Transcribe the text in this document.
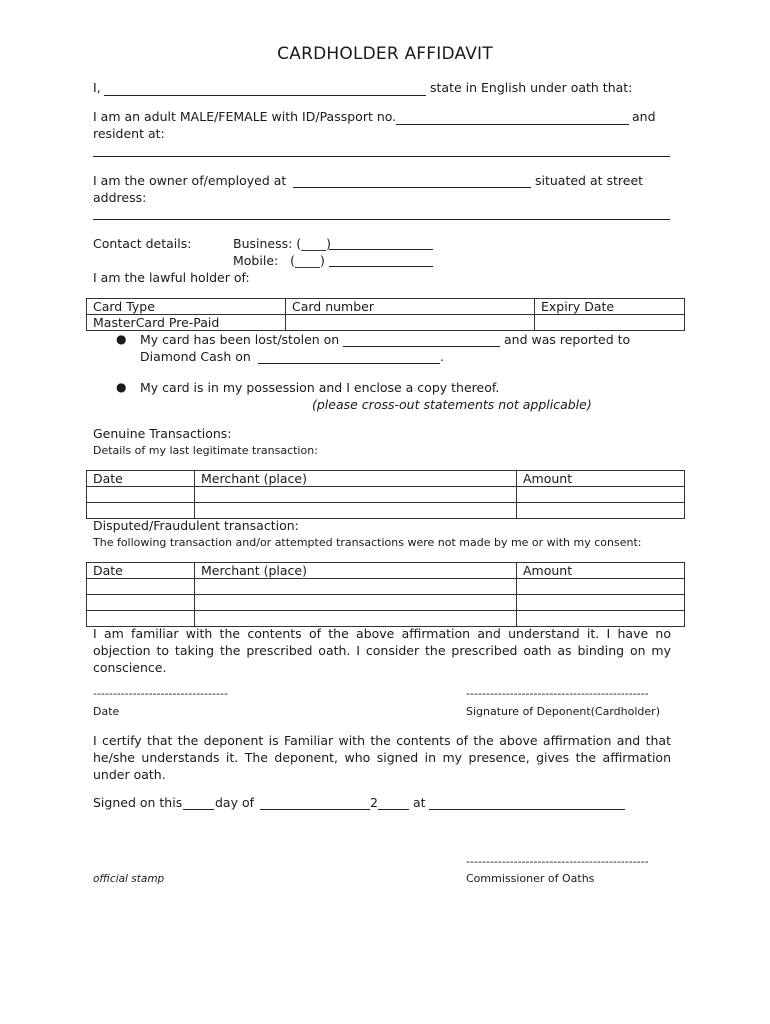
CARDHOLDER AFFIDAVIT
I,	state in English under oath that:
I am an adult MALE/FEMALE with ID/Passport no.	and
resident at:
I am the owner of/employed at	situated at street
address:
Contact details:	Business: (____)
Mobile:   (____)
I am the lawful holder of:
Card Type	Card number	Expiry Date
MasterCard Pre-Paid		
● My card has been lost/stolen on	and was reported to
Diamond Cash on	.
● My card is in my possession and I enclose a copy thereof.
(please cross-out statements not applicable)
Genuine Transactions:
Details of my last legitimate transaction:
Date	Merchant (place)	Amount

Disputed/Fraudulent transaction:
The following transaction and/or attempted transactions were not made by me or with my consent:
Date	Merchant (place)	Amount

I am familiar with the contents of the above affirmation and understand it. I have no objection to taking the prescribed oath. I consider the prescribed oath as binding on my conscience.
----------------------------------	----------------------------------------------
Date	Signature of Deponent(Cardholder)
I certify that the deponent is Familiar with the contents of the above affirmation and that he/she understands it. The deponent, who signed in my presence, gives the affirmation under oath.
Signed on this	day of	2	at
----------------------------------------------
official stamp	Commissioner of Oaths
